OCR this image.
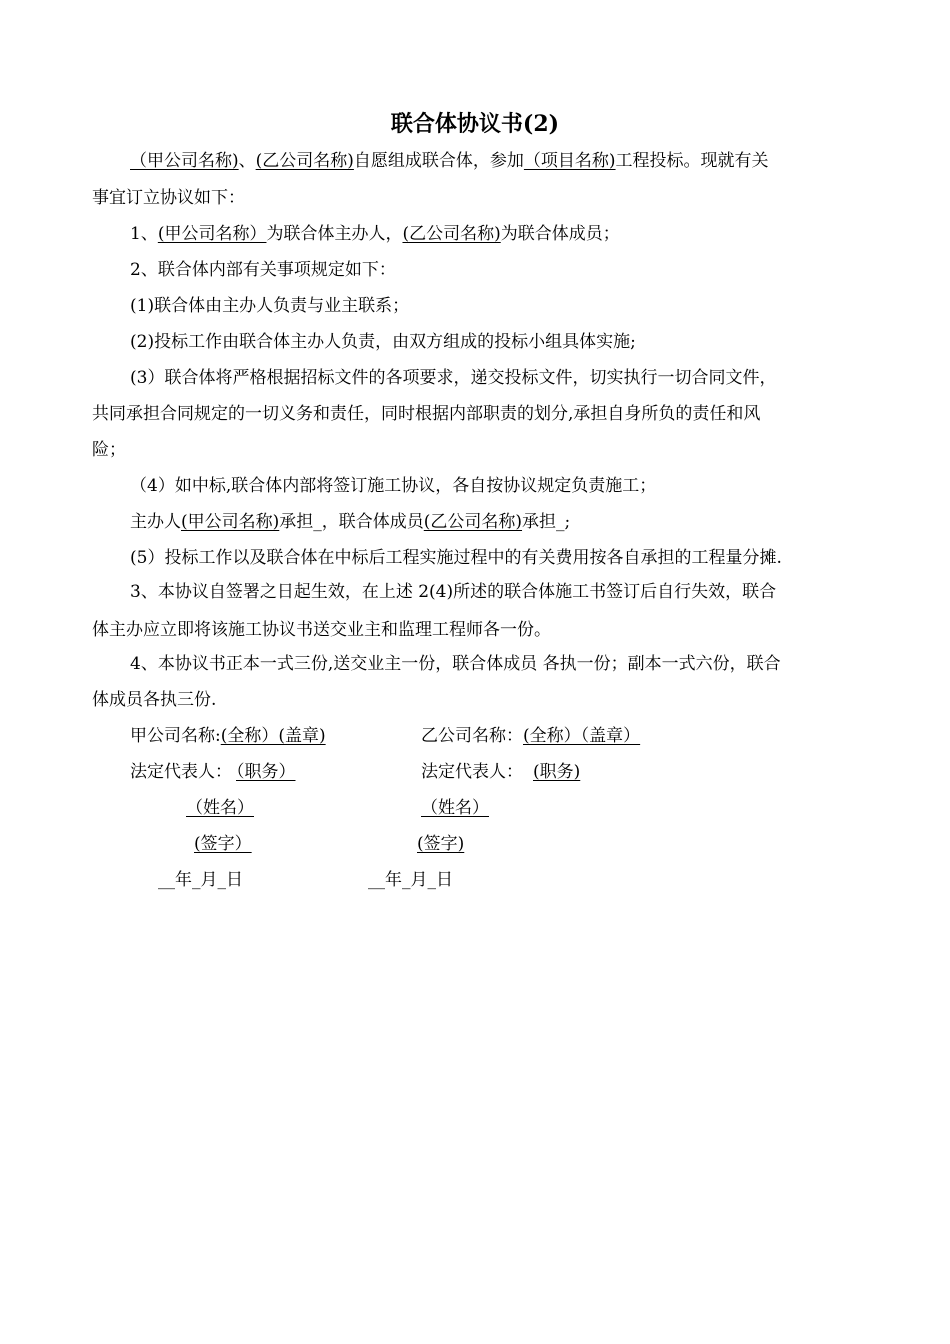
联合体协议书(2)
（甲公司名称)、(乙公司名称)自愿组成联合体，参加（项目名称)工程投标。现就有关
事宜订立协议如下：
1、(甲公司名称）为联合体主办人，(乙公司名称)为联合体成员；
2、联合体内部有关事项规定如下：
(1)联合体由主办人负责与业主联系；
(2)投标工作由联合体主办人负责，由双方组成的投标小组具体实施;
(3）联合体将严格根据招标文件的各项要求，递交投标文件，切实执行一切合同文件，
共同承担合同规定的一切义务和责任，同时根据内部职责的划分,承担自身所负的责任和风
险；
（4）如中标,联合体内部将签订施工协议，各自按协议规定负责施工；
主办人(甲公司名称)承担_，联合体成员(乙公司名称)承担_;
(5）投标工作以及联合体在中标后工程实施过程中的有关费用按各自承担的工程量分摊.
3、本协议自签署之日起生效，在上述 2(4)所述的联合体施工书签订后自行失效，联合
体主办应立即将该施工协议书送交业主和监理工程师各一份。
4、本协议书正本一式三份,送交业主一份，联合体成员 各执一份；副本一式六份，联合
体成员各执三份.
甲公司名称:(全称）(盖章)	乙公司名称：(全称）（盖章）
法定代表人： （职务）	法定代表人： (职务)
（姓名）	（姓名）
(签字）	(签字)
__年_月_日	__年_月_日
